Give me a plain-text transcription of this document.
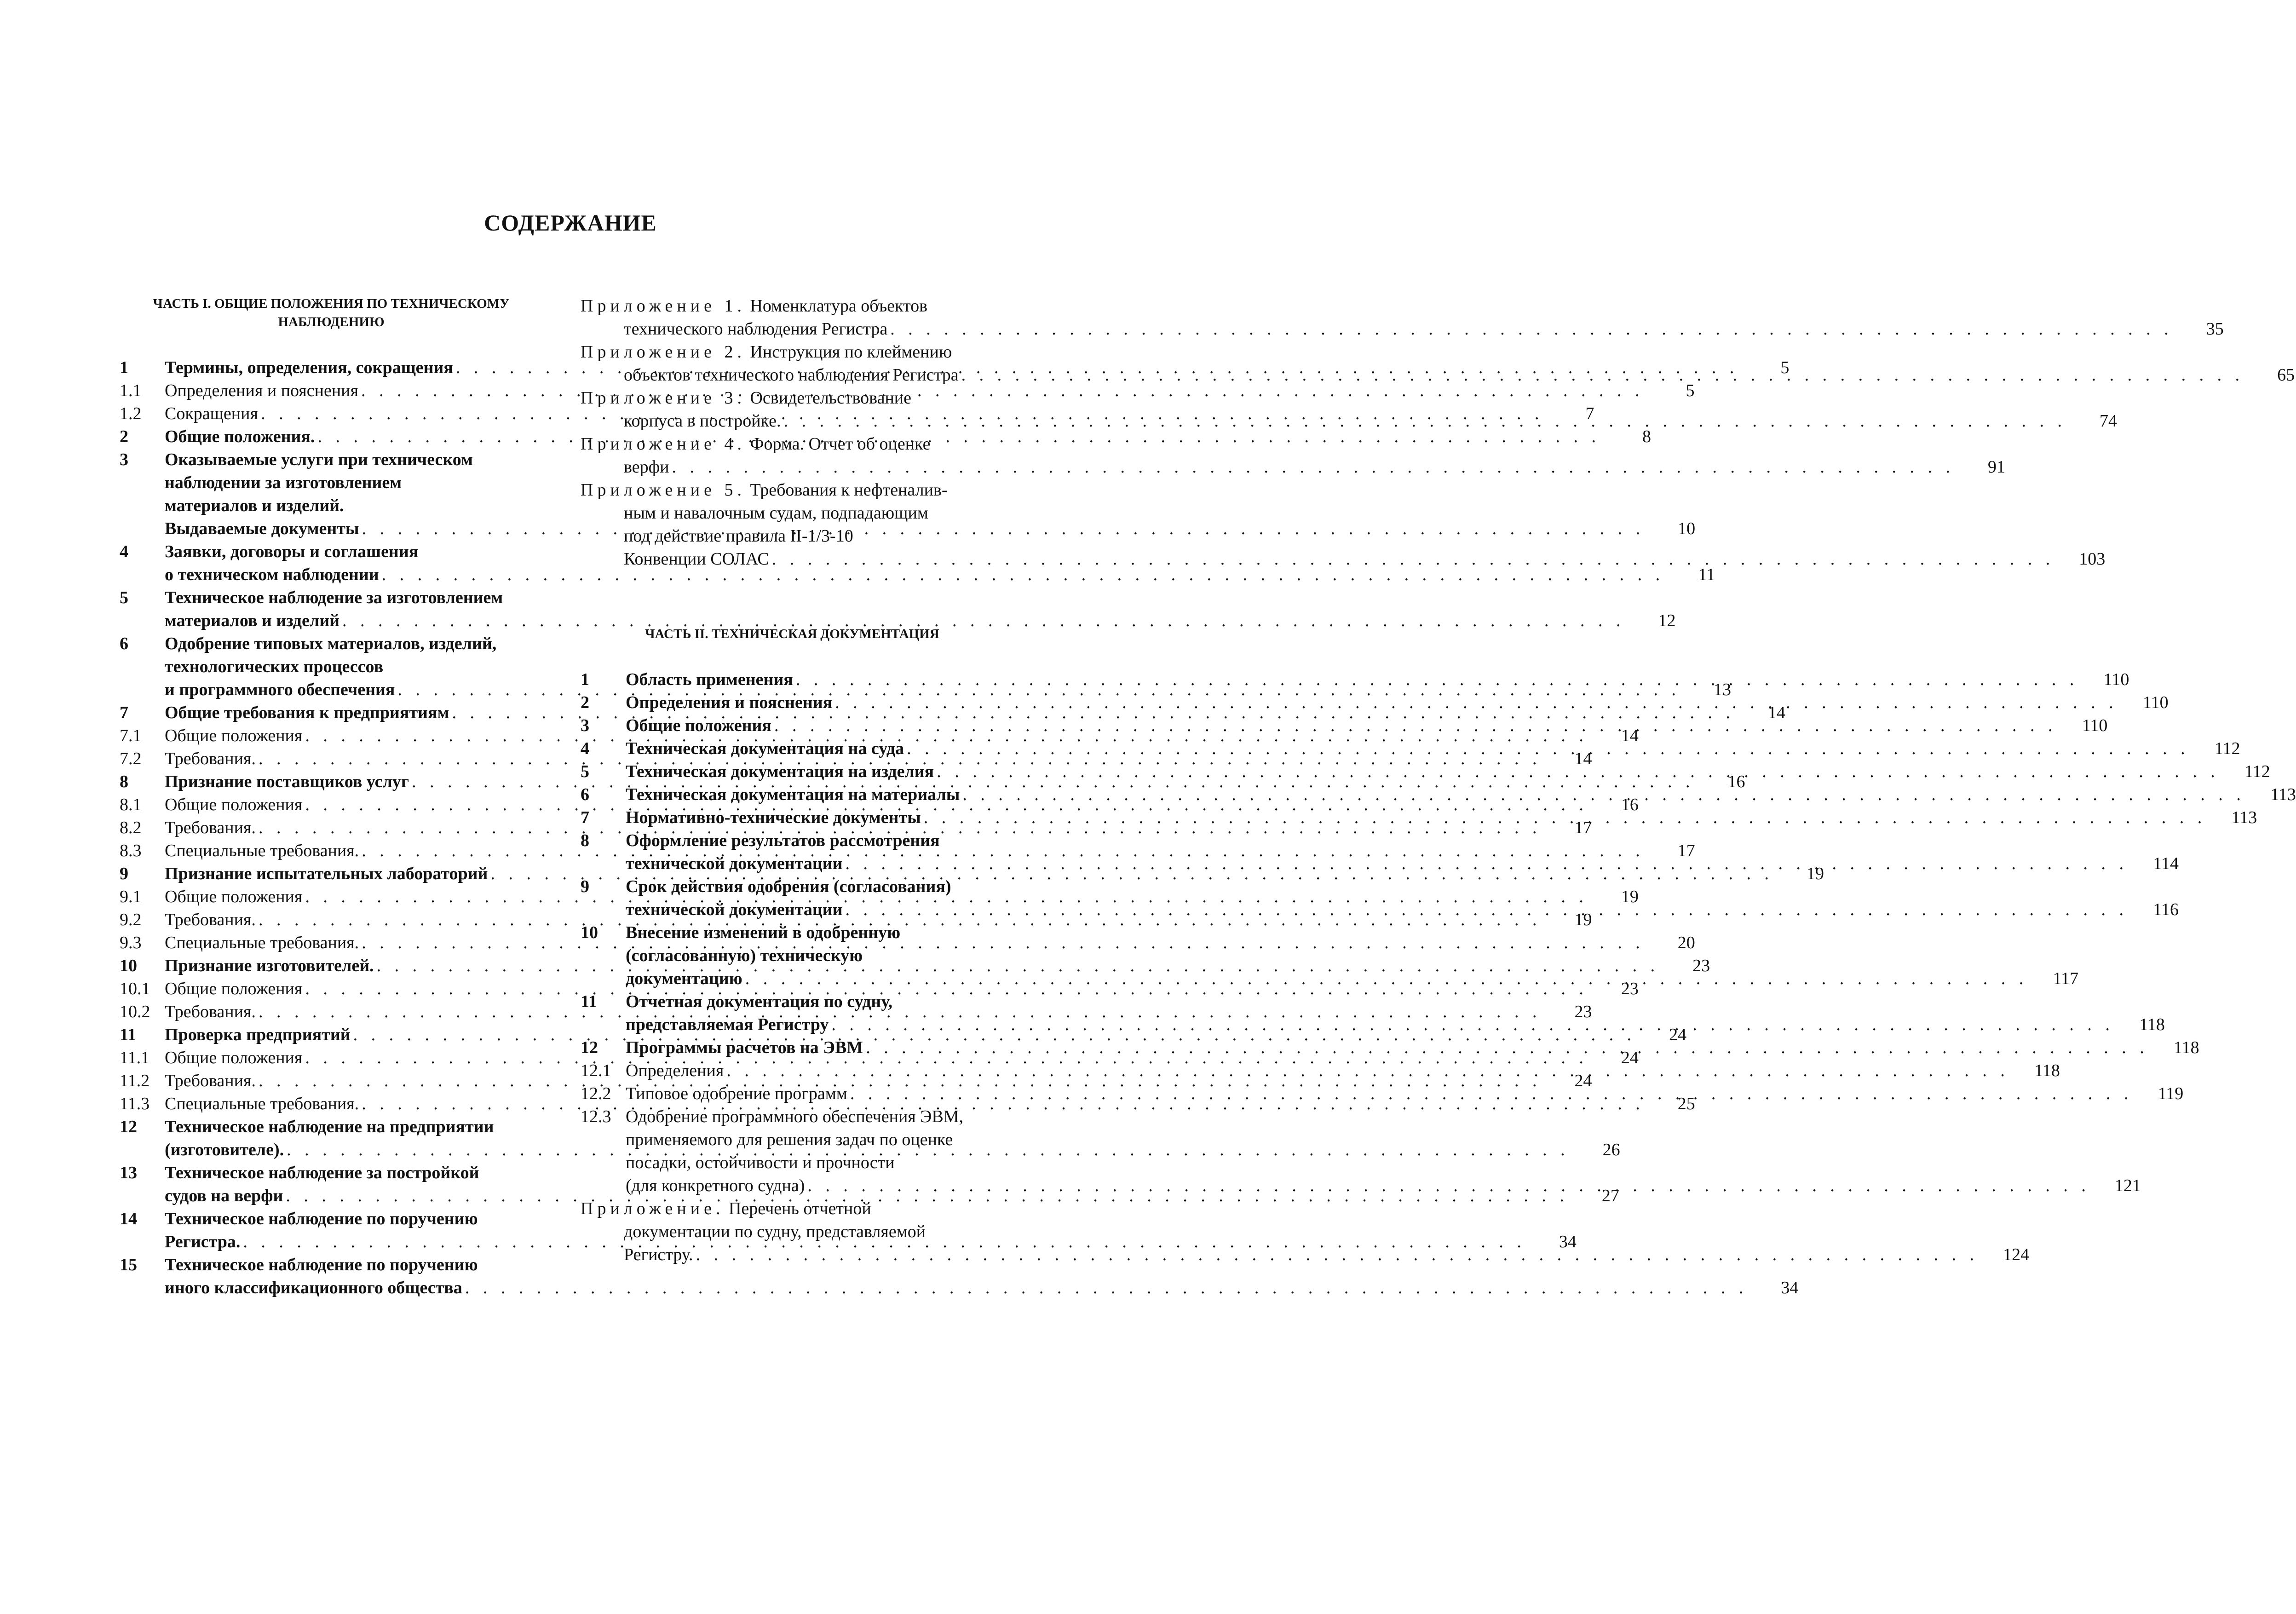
СОДЕРЖАНИЕ

ЧАСТЬ I. ОБЩИЕ ПОЛОЖЕНИЯ ПО ТЕХНИЧЕСКОМУ
НАБЛЮДЕНИЮ

1	Термины, определения, сокращения . . .	5
1.1	Определения и пояснения . . .	5
1.2	Сокращения . . .	7
2	Общие положения. . . .	8
3	Оказываемые услуги при техническом
наблюдении за изготовлением
материалов и изделий.
Выдаваемые документы . . .	10
4	Заявки, договоры и соглашения
о техническом наблюдении . . .	11
5	Техническое наблюдение за изготовлением
материалов и изделий . . .	12
6	Одобрение типовых материалов, изделий,
технологических процессов
и программного обеспечения . . .	13
7	Общие требования к предприятиям . . .	14
7.1	Общие положения . . .	14
7.2	Требования. . . .	14
8	Признание поставщиков услуг . . .	16
8.1	Общие положения . . .	16
8.2	Требования. . . .	17
8.3	Специальные требования. . . .	17
9	Признание испытательных лабораторий . . .	19
9.1	Общие положения . . .	19
9.2	Требования. . . .	19
9.3	Специальные требования. . . .	20
10	Признание изготовителей. . . .	23
10.1 Общие положения . . .	23
10.2 Требования. . . .	23
11	Проверка предприятий . . .	24
11.1 Общие положения . . .	24
11.2 Требования. . . .	24
11.3 Специальные требования. . . .	25
12	Техническое наблюдение на предприятии
(изготовителе). . . .	26
13	Техническое наблюдение за постройкой
судов на верфи . . .	27
14	Техническое наблюдение по поручению
Регистра. . . .	34
15	Техническое наблюдение по поручению
иного классификационного общества . . .	34
Приложение 1.
Номенклатура объектов
технического наблюдения Регистра . . .	35
Приложение 2.
Инструкция по клеймению
объектов технического наблюдения Регистра . . .	65
Приложение 3.
Освидетельствование
корпуса в постройке. . . .	74
Приложение 4.
Форма. Отчет об оценке
верфи . . .	91
Приложение 5.
Требования к нефтеналив-
ным и навалочным судам, подпадающим
под действие правила II-1/3-10
Конвенции СОЛАС . . .	103

ЧАСТЬ II. ТЕХНИЧЕСКАЯ ДОКУМЕНТАЦИЯ

1	Область применения . . .	110
2	Определения и пояснения . . .	110
3	Общие положения . . .	110
4	Техническая документация на суда . . .	112
5	Техническая документация на изделия . . .	112
6	Техническая документация на материалы . . .	113
7	Нормативно-технические документы . . .	113
8	Оформление результатов рассмотрения
технической документации . . .	114
9	Срок действия одобрения (согласования)
технической документации . . .	116
10	Внесение изменений в одобренную
(согласованную) техническую
документацию . . .	117
11	Отчетная документация по судну,
представляемая Регистру . . .	118
12	Программы расчетов на ЭВМ . . .	118
12.1 Определения . . .	118
12.2 Типовое одобрение программ . . .	119
12.3 Одобрение программного обеспечения ЭВМ,
применяемого для решения задач по оценке
посадки, остойчивости и прочности
(для конкретного судна) . . .	121
Приложение.
Перечень отчетной
документации по судну, представляемой
Регистру. . . .	124
